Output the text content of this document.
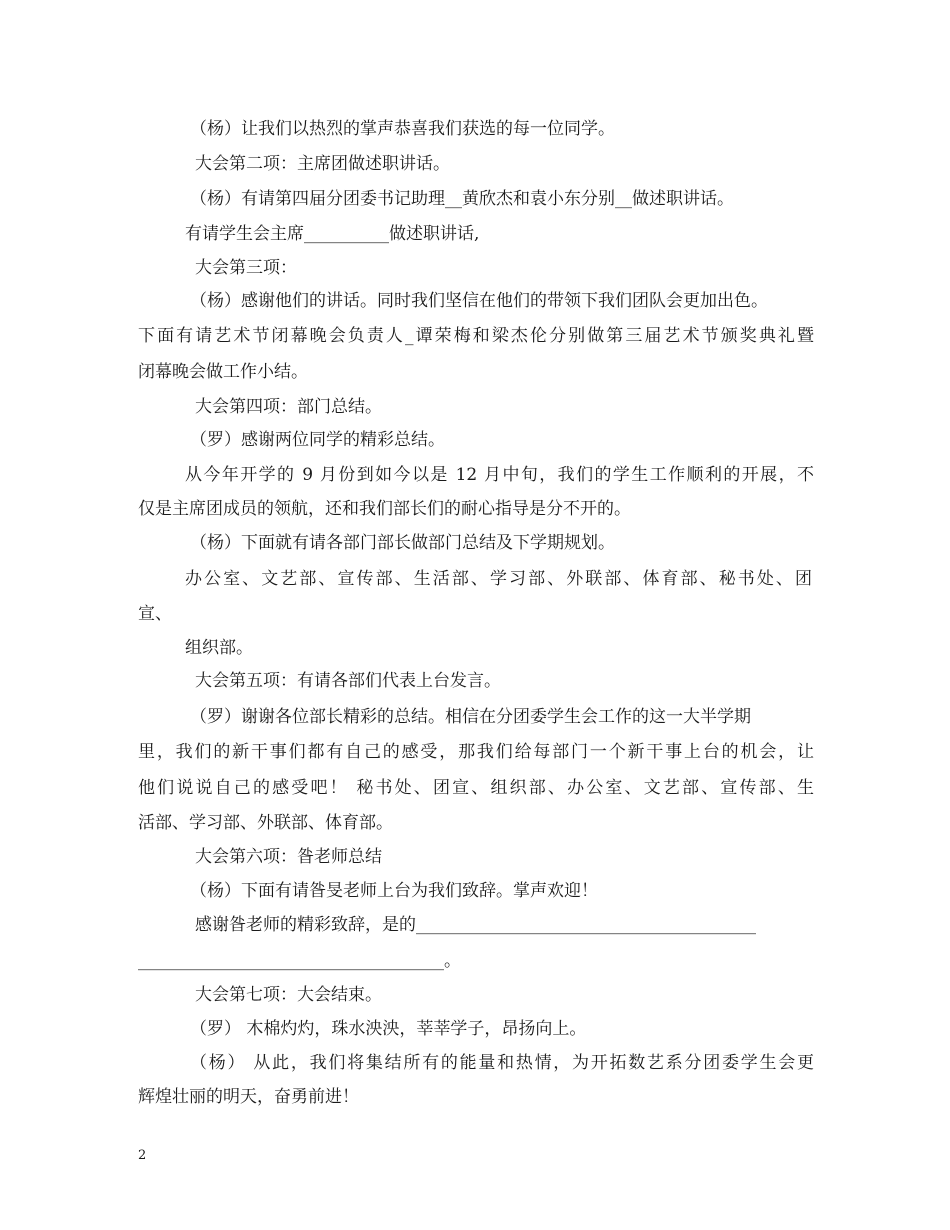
（杨）让我们以热烈的掌声恭喜我们获选的每一位同学。
大会第二项：主席团做述职讲话。
（杨）有请第四届分团委书记助理__黄欣杰和袁小东分别__做述职讲话。
有请学生会主席__________做述职讲话,
大会第三项：
（杨）感谢他们的讲话。同时我们坚信在他们的带领下我们团队会更加出色。
下面有请艺术节闭幕晚会负责人_谭荣梅和梁杰伦分别做第三届艺术节颁奖典礼暨
闭幕晚会做工作小结。
大会第四项：部门总结。
（罗）感谢两位同学的精彩总结。
从今年开学的 9 月份到如今以是 12 月中旬，我们的学生工作顺利的开展，不
仅是主席团成员的领航，还和我们部长们的耐心指导是分不开的。
（杨）下面就有请各部门部长做部门总结及下学期规划。
办公室、文艺部、宣传部、生活部、学习部、外联部、体育部、秘书处、团
宣、
组织部。
大会第五项：有请各部们代表上台发言。
（罗）谢谢各位部长精彩的总结。相信在分团委学生会工作的这一大半学期
里，我们的新干事们都有自己的感受，那我们给每部门一个新干事上台的机会，让
他们说说自己的感受吧！ 秘书处、团宣、组织部、办公室、文艺部、宣传部、生
活部、学习部、外联部、体育部。
大会第六项：昝老师总结
（杨）下面有请昝旻老师上台为我们致辞。掌声欢迎！
感谢昝老师的精彩致辞，是的________________________________________
____________________________________。
大会第七项：大会结束。
（罗） 木棉灼灼，珠水泱泱，莘莘学子，昂扬向上。
（杨） 从此，我们将集结所有的能量和热情，为开拓数艺系分团委学生会更
辉煌壮丽的明天，奋勇前进！
2
